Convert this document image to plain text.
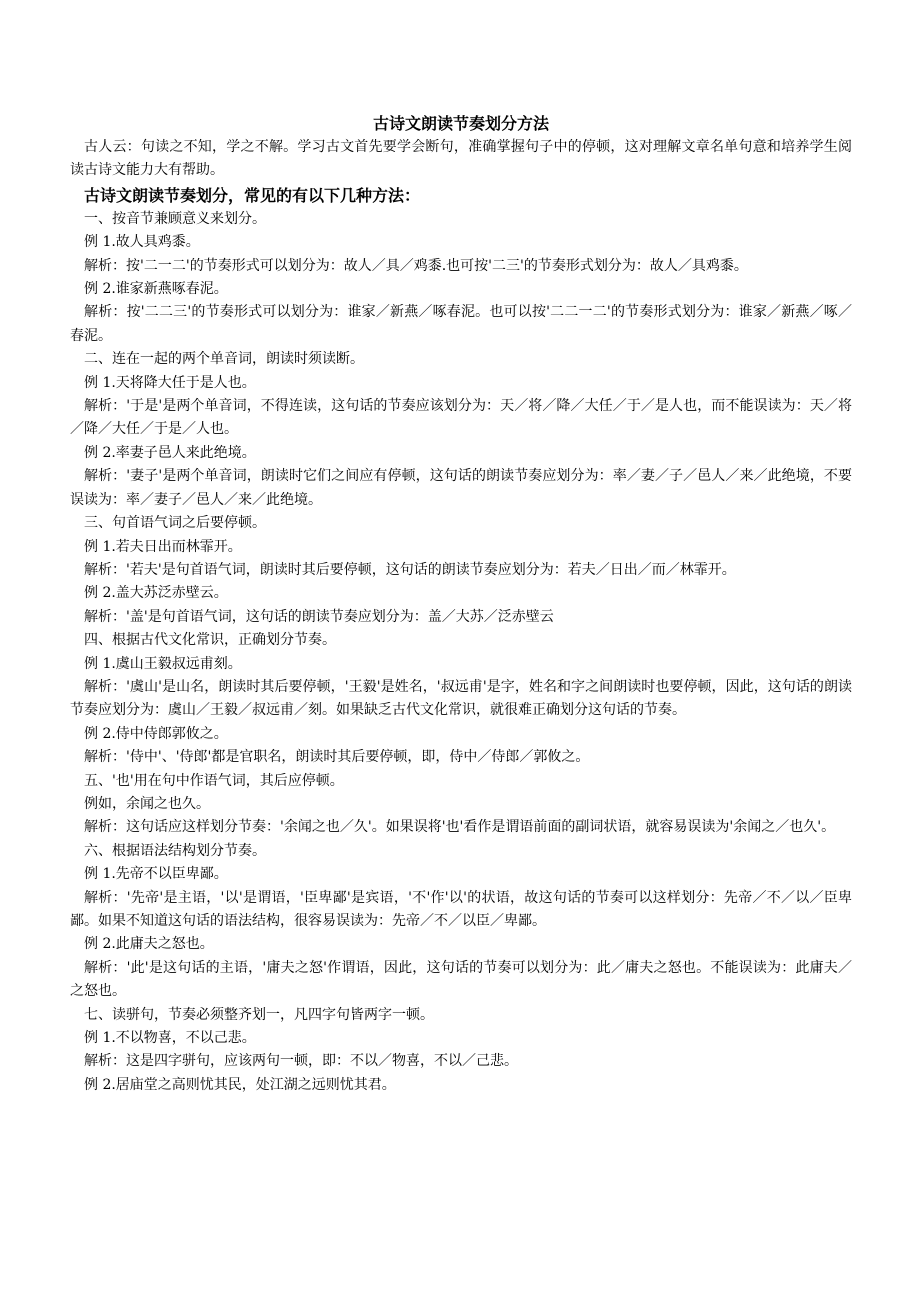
古诗文朗读节奏划分方法

古人云：句读之不知，学之不解。学习古文首先要学会断句，准确掌握句子中的停顿，这对理解文章名单句意和培养学生阅读古诗文能力大有帮助。

古诗文朗读节奏划分，常见的有以下几种方法：

一、按音节兼顾意义来划分。

例 1.故人具鸡黍。

解析：按'二一二'的节奏形式可以划分为：故人／具／鸡黍.也可按'二三'的节奏形式划分为：故人／具鸡黍。

例 2.谁家新燕啄春泥。

解析：按'二二三'的节奏形式可以划分为：谁家／新燕／啄春泥。也可以按'二二一二'的节奏形式划分为：谁家／新燕／啄／春泥。

二、连在一起的两个单音词，朗读时须读断。

例 1.天将降大任于是人也。

解析：'于是'是两个单音词，不得连读，这句话的节奏应该划分为：天／将／降／大任／于／是人也，而不能误读为：天／将／降／大任／于是／人也。

例 2.率妻子邑人来此绝境。

解析：'妻子'是两个单音词，朗读时它们之间应有停顿，这句话的朗读节奏应划分为：率／妻／子／邑人／来／此绝境，不要误读为：率／妻子／邑人／来／此绝境。

三、句首语气词之后要停顿。

例 1.若夫日出而林霏开。

解析：'若夫'是句首语气词，朗读时其后要停顿，这句话的朗读节奏应划分为：若夫／日出／而／林霏开。

例 2.盖大苏泛赤壁云。

解析：'盖'是句首语气词，这句话的朗读节奏应划分为：盖／大苏／泛赤壁云

四、根据古代文化常识，正确划分节奏。

例 1.虞山王毅叔远甫刻。

解析：'虞山'是山名，朗读时其后要停顿，'王毅'是姓名，'叔远甫'是字，姓名和字之间朗读时也要停顿，因此，这句话的朗读节奏应划分为：虞山／王毅／叔远甫／刻。如果缺乏古代文化常识，就很难正确划分这句话的节奏。

例 2.侍中侍郎郭攸之。

解析：'侍中'、'侍郎'都是官职名，朗读时其后要停顿，即，侍中／侍郎／郭攸之。

五、'也'用在句中作语气词，其后应停顿。

例如，余闻之也久。

解析：这句话应这样划分节奏：'余闻之也／久'。如果误将'也'看作是谓语前面的副词状语，就容易误读为'余闻之／也久'。

六、根据语法结构划分节奏。

例 1.先帝不以臣卑鄙。

解析：'先帝'是主语，'以'是谓语，'臣卑鄙'是宾语，'不'作'以'的状语，故这句话的节奏可以这样划分：先帝／不／以／臣卑鄙。如果不知道这句话的语法结构，很容易误读为：先帝／不／以臣／卑鄙。

例 2.此庸夫之怒也。

解析：'此'是这句话的主语，'庸夫之怒'作谓语，因此，这句话的节奏可以划分为：此／庸夫之怒也。不能误读为：此庸夫／之怒也。

七、读骈句，节奏必须整齐划一，凡四字句皆两字一顿。

例 1.不以物喜，不以己悲。

解析：这是四字骈句，应该两句一顿，即：不以／物喜，不以／己悲。

例 2.居庙堂之高则忧其民，处江湖之远则忧其君。
